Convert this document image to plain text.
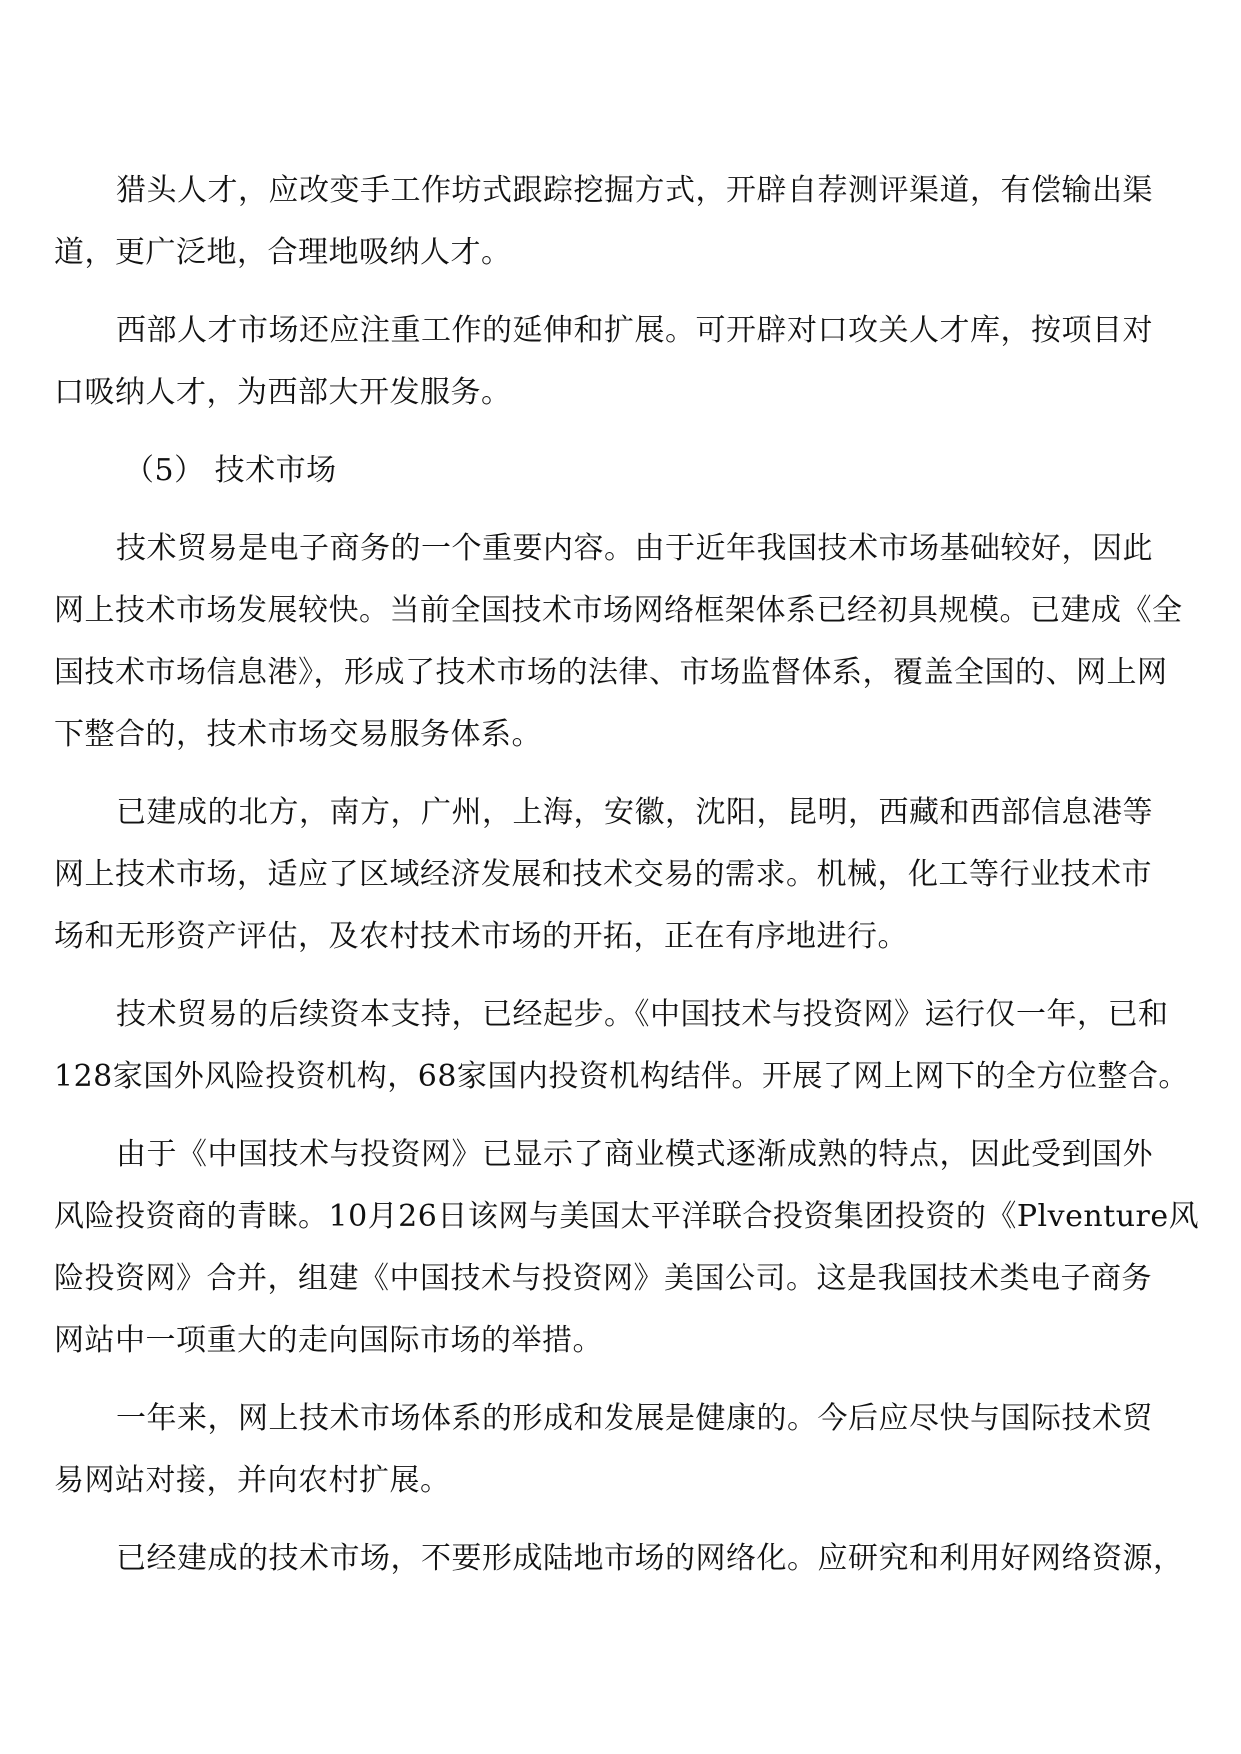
猎头人才，应改变手工作坊式跟踪挖掘方式，开辟自荐测评渠道，有偿输出渠
道，更广泛地，合理地吸纳人才。
西部人才市场还应注重工作的延伸和扩展。可开辟对口攻关人才库，按项目对
口吸纳人才，为西部大开发服务。
（5） 技术市场
技术贸易是电子商务的一个重要内容。由于近年我国技术市场基础较好，因此
网上技术市场发展较快。当前全国技术市场网络框架体系已经初具规模。已建成《全
国技术市场信息港》，形成了技术市场的法律、市场监督体系，覆盖全国的、网上网
下整合的，技术市场交易服务体系。
已建成的北方，南方，广州，上海，安徽，沈阳，昆明，西藏和西部信息港等
网上技术市场，适应了区域经济发展和技术交易的需求。机械，化工等行业技术市
场和无形资产评估，及农村技术市场的开拓，正在有序地进行。
技术贸易的后续资本支持，已经起步。《中国技术与投资网》运行仅一年，已和
128家国外风险投资机构，68家国内投资机构结伴。开展了网上网下的全方位整合。
由于《中国技术与投资网》已显示了商业模式逐渐成熟的特点，因此受到国外
风险投资商的青睐。10月26日该网与美国太平洋联合投资集团投资的《Plventure风
险投资网》合并，组建《中国技术与投资网》美国公司。这是我国技术类电子商务
网站中一项重大的走向国际市场的举措。
一年来，网上技术市场体系的形成和发展是健康的。今后应尽快与国际技术贸
易网站对接，并向农村扩展。
已经建成的技术市场，不要形成陆地市场的网络化。应研究和利用好网络资源，
